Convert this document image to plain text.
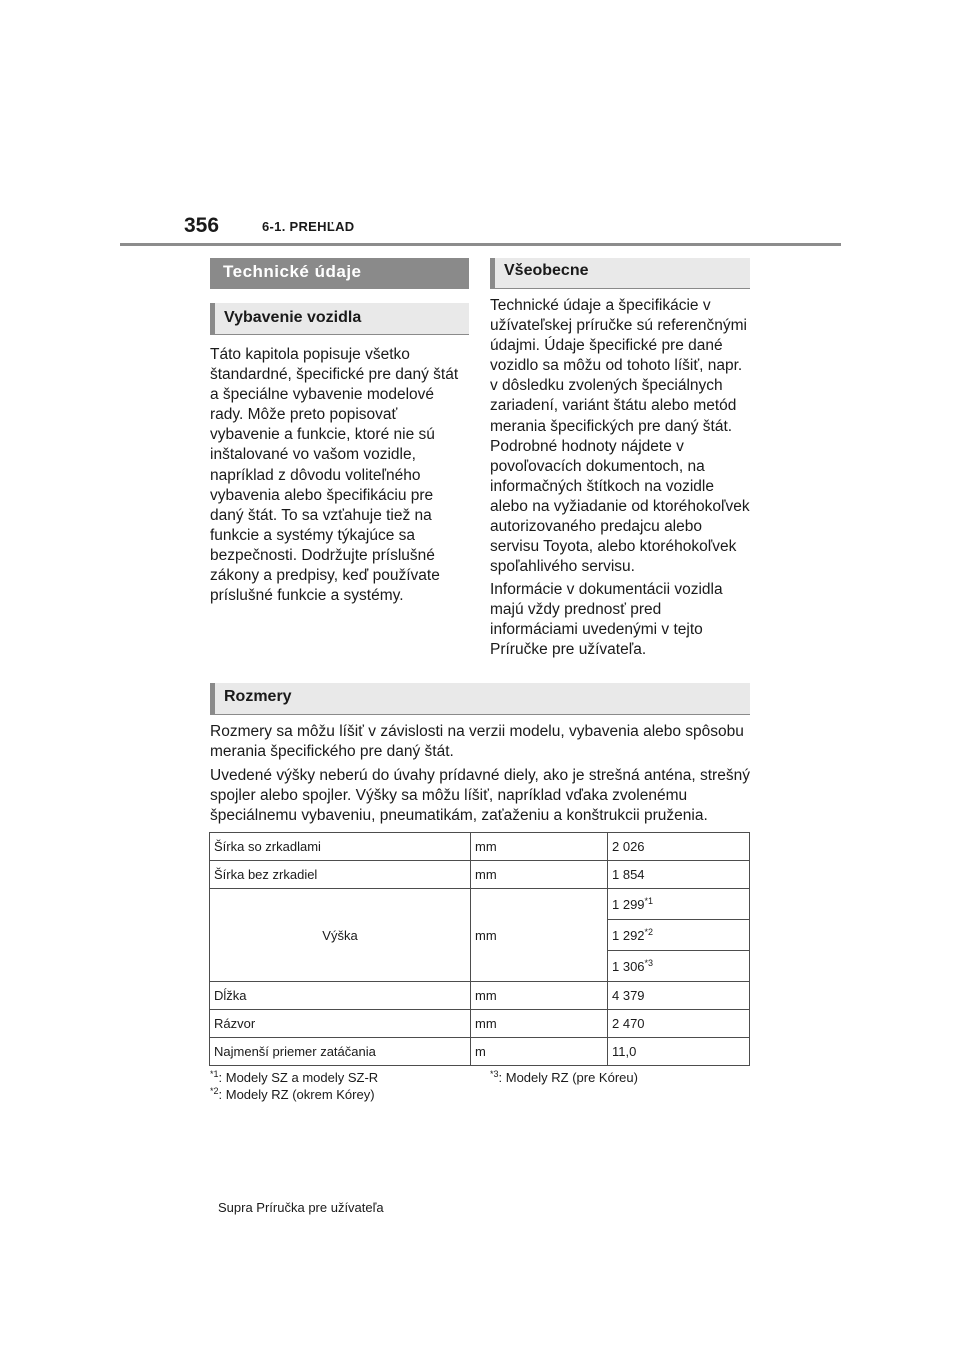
356	6-1. PREHĽAD
Technické údaje
Vybavenie vozidla
Táto kapitola popisuje všetko štandardné, špecifické pre daný štát a špeciálne vybavenie modelové rady. Môže preto popisovať vybavenie a funkcie, ktoré nie sú inštalované vo vašom vozidle, napríklad z dôvodu voliteľného vybavenia alebo špecifikáciu pre daný štát. To sa vzťahuje tiež na funkcie a systémy týkajúce sa bezpečnosti. Dodržujte príslušné zákony a predpisy, keď používate príslušné funkcie a systémy.
Všeobecne
Technické údaje a špecifikácie v užívateľskej príručke sú referenčnými údajmi. Údaje špecifické pre dané vozidlo sa môžu od tohoto líšiť, napr. v dôsledku zvolených špeciálnych zariadení, variánt štátu alebo metód merania špecifických pre daný štát. Podrobné hodnoty nájdete v povoľovacích dokumentoch, na informačných štítkoch na vozidle alebo na vyžiadanie od ktoréhokoľvek autorizovaného predajcu alebo servisu Toyota, alebo ktoréhokoľvek spoľahlivého servisu.
Informácie v dokumentácii vozidla majú vždy prednosť pred informáciami uvedenými v tejto Príručke pre užívateľa.
Rozmery
Rozmery sa môžu líšiť v závislosti na verzii modelu, vybavenia alebo spôsobu merania špecifického pre daný štát.
Uvedené výšky neberú do úvahy prídavné diely, ako je strešná anténa, strešný spojler alebo spojler. Výšky sa môžu líšiť, napríklad vďaka zvolenému špeciálnemu vybaveniu, pneumatikám, zaťaženiu a konštrukcii pruženia.
Šírka so zrkadlami	mm	2 026
Šírka bez zrkadiel	mm	1 854
Výška	mm	1 299$^{*1}$
		1 292$^{*2}$
		1 306$^{*3}$
Dĺžka	mm	4 379
Rázvor	mm	2 470
Najmenší priemer zatáčania	m	11,0
$^{*1}$: Modely SZ a modely SZ-R
$^{*2}$: Modely RZ (okrem Kórey)
$^{*3}$: Modely RZ (pre Kóreu)
Supra Príručka pre užívateľa
